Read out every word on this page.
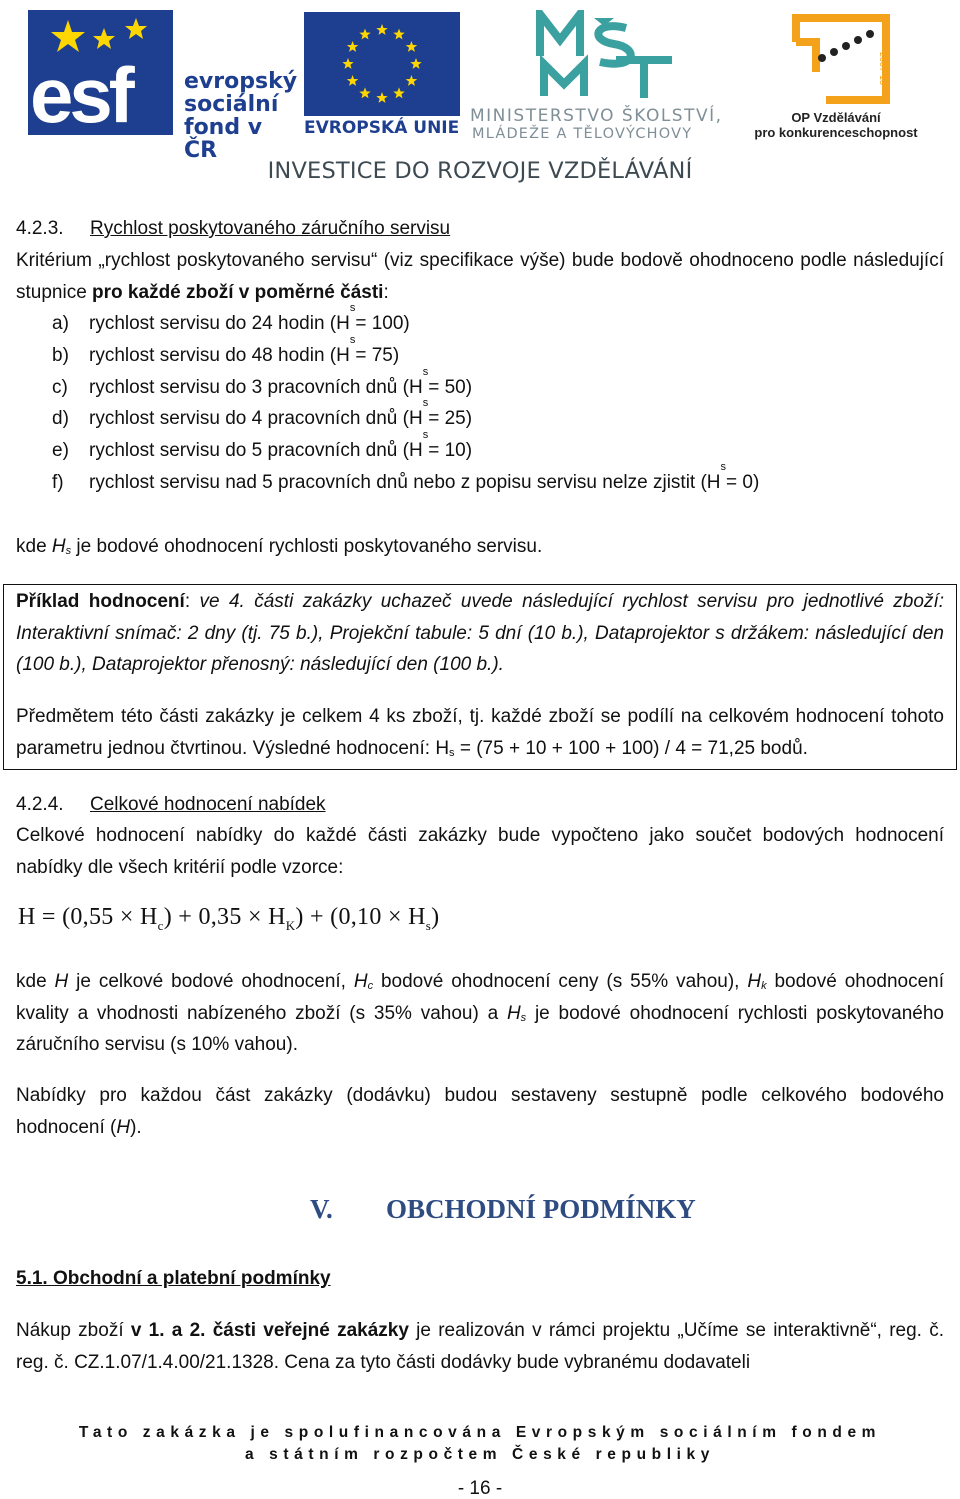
esf evropský
sociální
fond v ČR
EVROPSKÁ UNIE
MINISTERSTVO ŠKOLSTVÍ,
MLÁDEŽE A TĚLOVÝCHOVY
2007-13
OP Vzdělávání
pro konkurenceschopnost
INVESTICE DO ROZVOJE VZDĚLÁVÁNÍ
4.2.3. Rychlost poskytovaného záručního servisu
Kritérium „rychlost poskytovaného servisu“ (viz specifikace výše) bude bodově ohodnoceno podle následující stupnice pro každé zboží v poměrné části:
a)	rychlost servisu do 24 hodin (H
s
= 100)
b)	rychlost servisu do 48 hodin (H
s
= 75)
c)	rychlost servisu do 3 pracovních dnů (H
s
= 50)
d)	rychlost servisu do 4 pracovních dnů (H
s
= 25)
e)	rychlost servisu do 5 pracovních dnů (H
s
= 10)
f)	rychlost servisu nad 5 pracovních dnů nebo z popisu servisu nelze zjistit (H
s
= 0)
kde $H_s$ je bodové ohodnocení rychlosti poskytovaného servisu.
Příklad hodnocení: ve 4. části zakázky uchazeč uvede následující rychlost servisu pro jednotlivé zboží: Interaktivní snímač: 2 dny (tj. 75 b.), Projekční tabule: 5 dní (10 b.), Dataprojektor s držákem: následující den (100 b.), Dataprojektor přenosný: následující den (100 b.).
Předmětem této části zakázky je celkem 4 ks zboží, tj. každé zboží se podílí na celkovém hodnocení tohoto parametru jednou čtvrtinou. Výsledné hodnocení: $H_s = (75 + 10 + 100 + 100) / 4 = 71,25$ bodů.
4.2.4. Celkové hodnocení nabídek
Celkové hodnocení nabídky do každé části zakázky bude vypočteno jako součet bodových hodnocení nabídky dle všech kritérií podle vzorce:
$H = (0,55 \times H_c) + 0,35 \times H_K) + (0,10 \times H_s)$
kde H je celkové bodové ohodnocení, $H_c$ bodové ohodnocení ceny (s 55% vahou), $H_k$ bodové ohodnocení kvality a vhodnosti nabízeného zboží (s 35% vahou) a $H_s$ je bodové ohodnocení rychlosti poskytovaného záručního servisu (s 10% vahou).
Nabídky pro každou část zakázky (dodávku) budou sestaveny sestupně podle celkového bodového hodnocení (H).
V. OBCHODNÍ PODMÍNKY
5.1. Obchodní a platební podmínky
Nákup zboží v 1. a 2. části veřejné zakázky je realizován v rámci projektu „Učíme se interaktivně“, reg. č. reg. č. CZ.1.07/1.4.00/21.1328. Cena za tyto části dodávky bude vybranému dodavateli
Tato zakázka je spolufinancována Evropským sociálním fondem
a státním rozpočtem České republiky
- 16 -
